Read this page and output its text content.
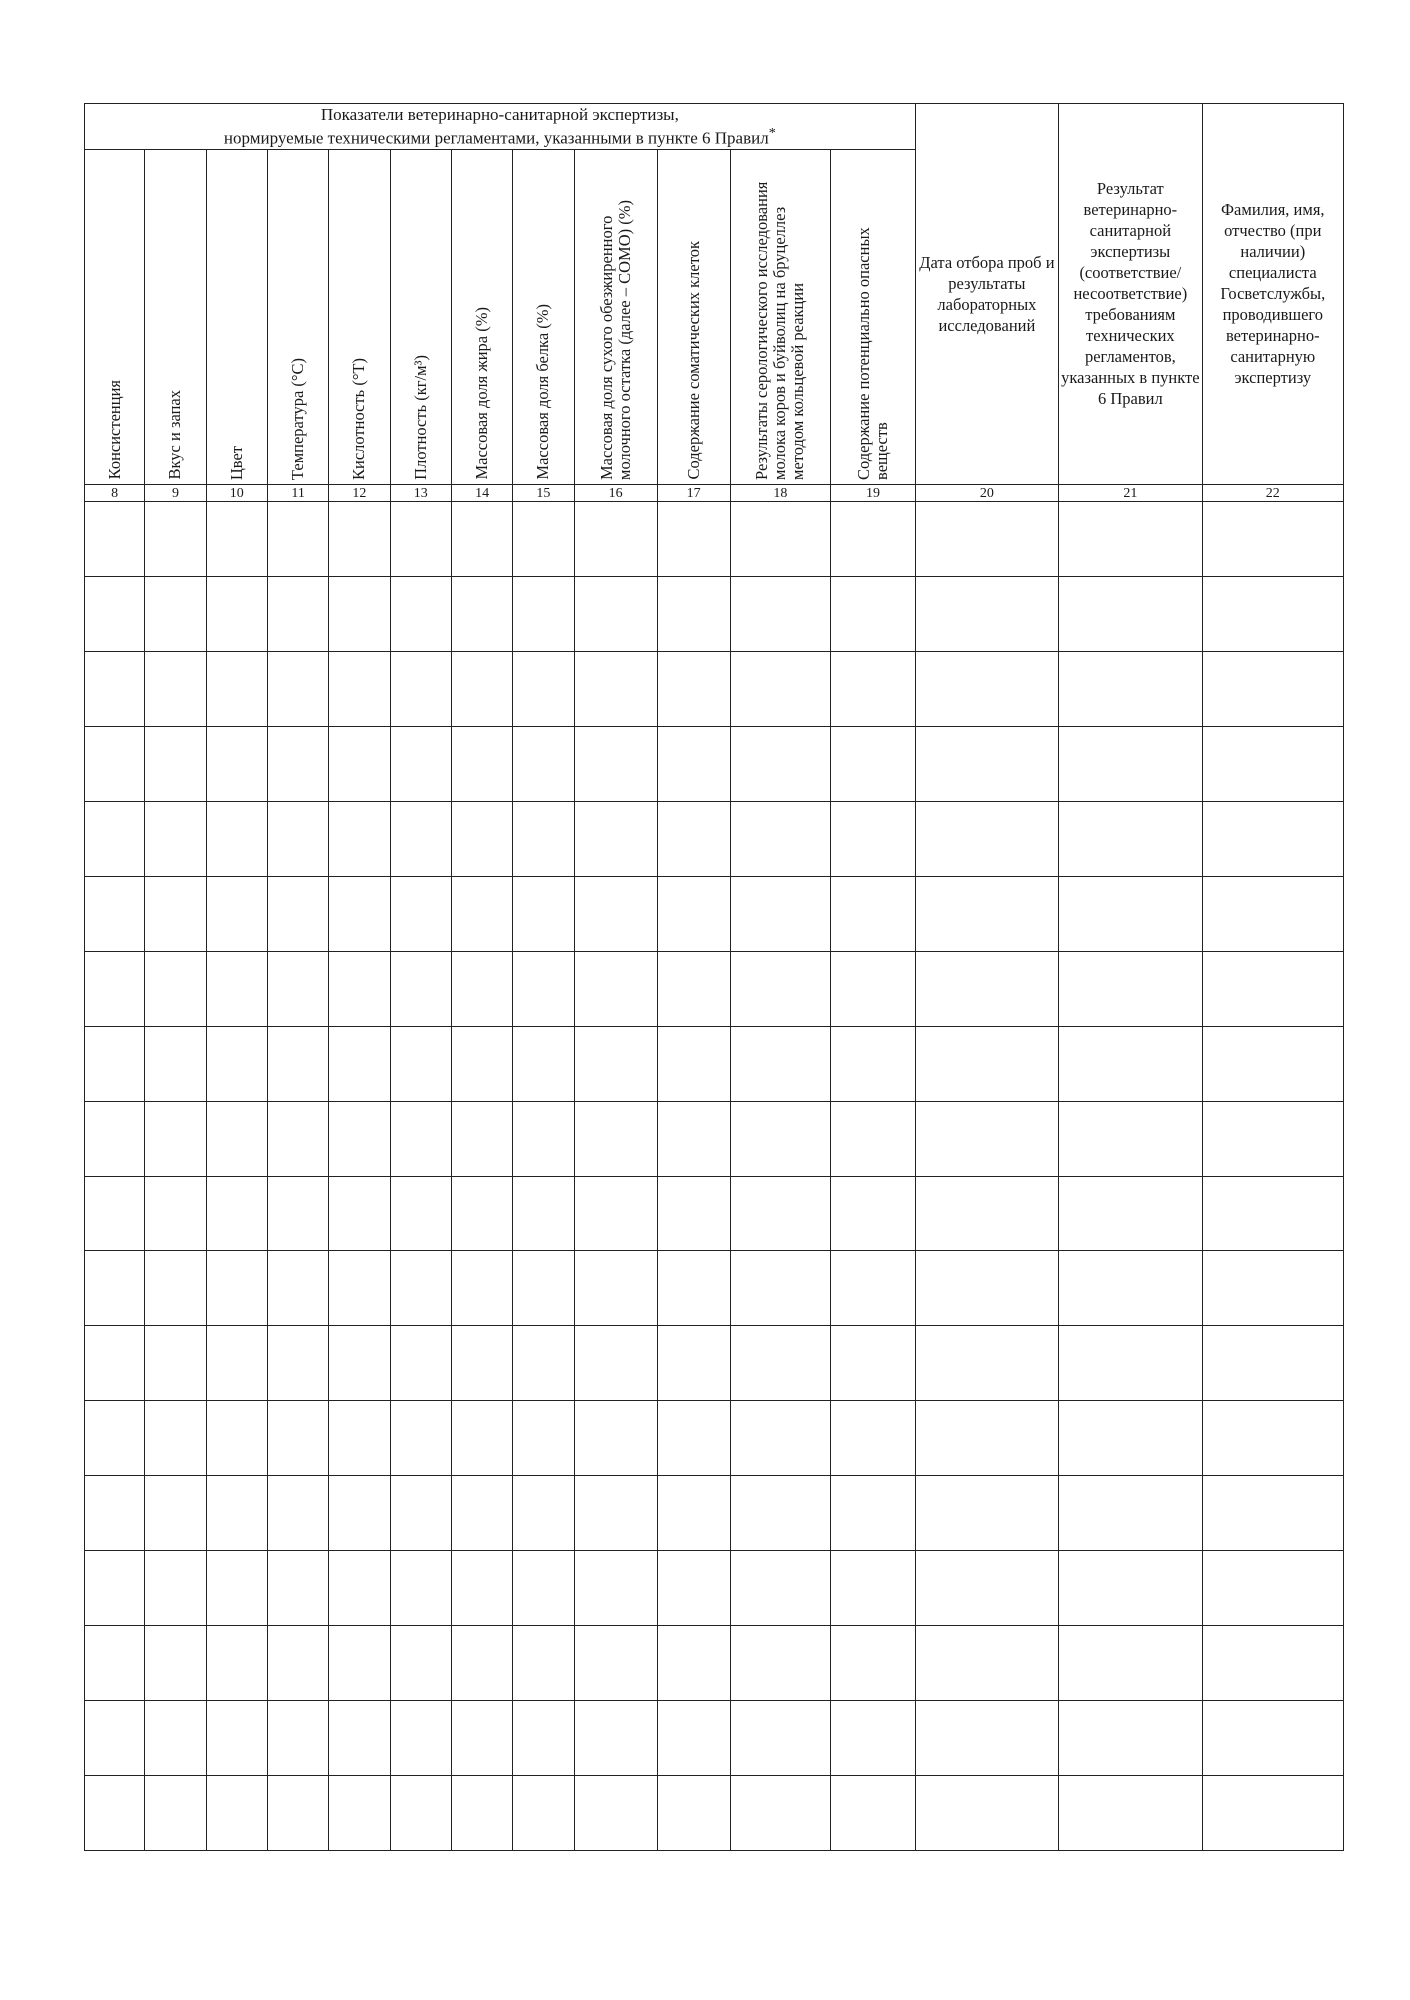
Показатели ветеринарно-санитарной экспертизы,
нормируемые техническими регламентами, указанными в пункте 6 Правил*												Дата отбора проб и результаты лабораторных исследований	Результат ветеринарно-санитарной экспертизы (соответствие/несоответствие) требованиям технических регламентов, указанных в пункте 6 Правил	Фамилия, имя, отчество (при наличии) специалиста Госветслужбы, проводившего ветеринарно-санитарную экспертизу

Консистенция	Вкус и запах	Цвет	Температура (°C)	Кислотность (°T)	Плотность (кг/м³)	Массовая доля жира (%)	Массовая доля белка (%)	Массовая доля сухого обезжиренного молочного остатка (далее – СОМО) (%)	Содержание соматических клеток	Результаты серологического исследования молока коров и буйволиц на бруцеллез методом кольцевой реакции	Содержание потенциально опасных веществ			

8	9	10	11	12	13	14	15	16	17	18	19	20	21	22
